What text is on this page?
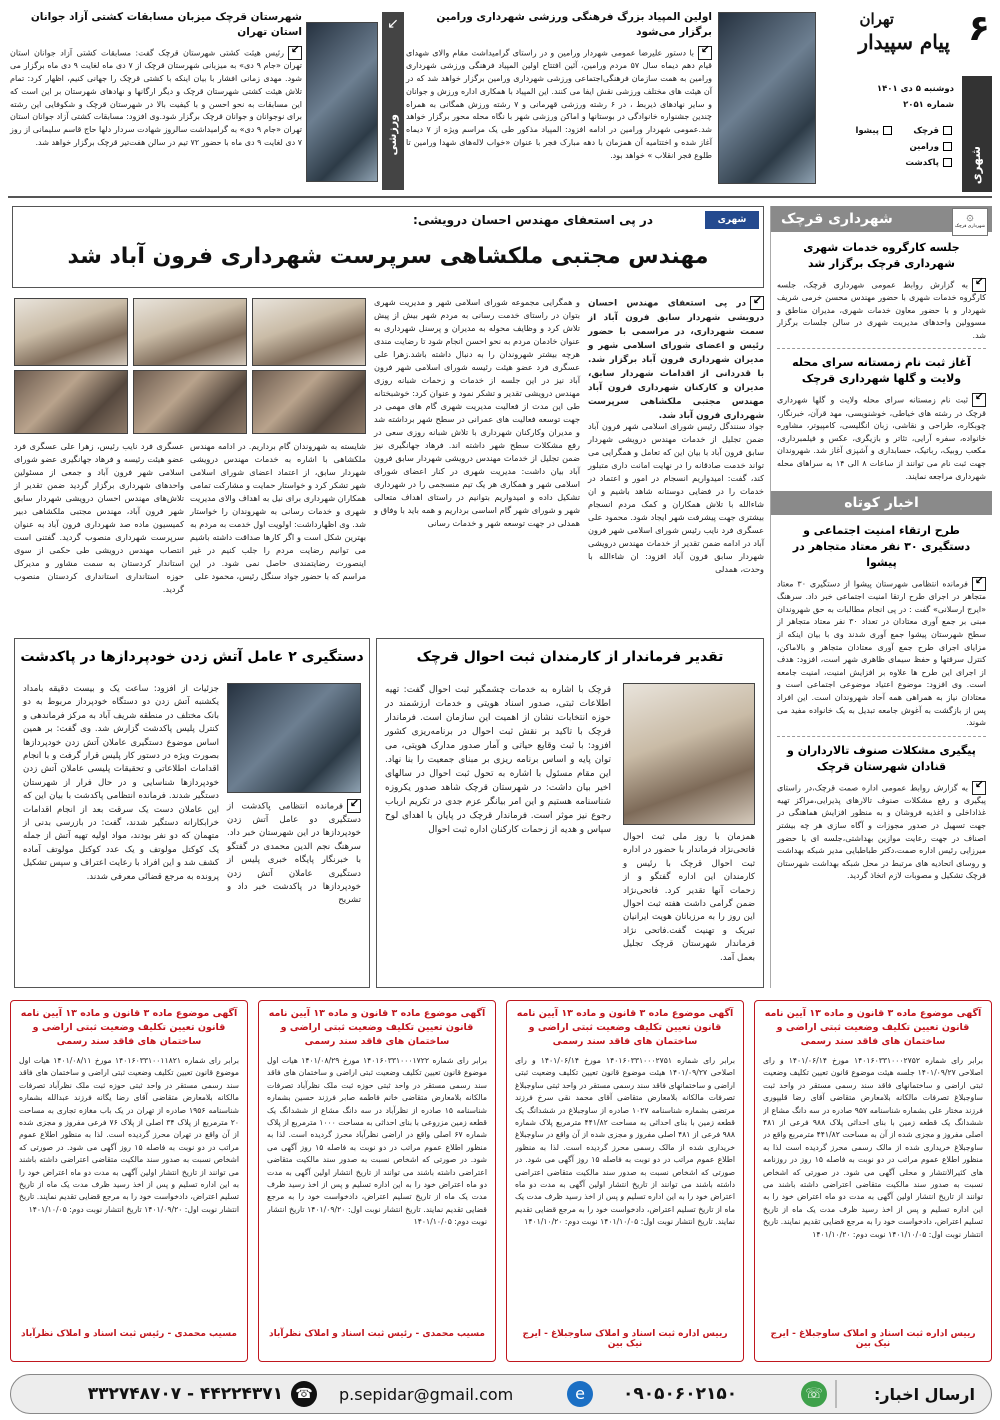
۶
تهران
پیام سپیدار
دوشنبه ۵ دی ۱۴۰۱
شماره ۲۰۵۱
شهری
قرچک
پیشوا
ورامین
پاکدشت
اولین المپیاد بزرگ فرهنگی ورزشی شهرداری ورامین برگزار می‌شود
↙با دستور علیرضا عمومی شهردار ورامین و در راستای گرامیداشت مقام والای شهدای قیام دهم دیماه سال ۵۷ مردم ورامین، آئین افتتاح اولین المپیاد فرهنگی ورزشی شهرداری ورامین به همت سازمان فرهنگی‌اجتماعی ورزشی شهرداری ورامین برگزار خواهد شد که در آن هیئت های مختلف ورزشی نقش ایفا می کنند. این المپیاد با همکاری اداره ورزش و جوانان و سایر نهادهای ذیربط ، در ۶ رشته ورزشی قهرمانی و ۷ رشته ورزش همگانی به همراه چندین جشنواره خانوادگی در بوستانها و اماکن ورزشی شهر با نگاه محله محور برگزار خواهد شد.عمومی شهردار ورامین در ادامه افزود: المپیاد مذکور طی یک مراسم ویژه از ۷ دیماه آغاز شده و اختتامیه آن همزمان با دهه مبارک فجر با عنوان «خواب لاله‌های شهدا ورامین تا طلوع فجر انقلاب » خواهد بود.
↙
ورزشی
شهرستان قرچک میزبان مسابقات کشتی آزاد جوانان استان تهران
↙رئیس هیئت کشتی شهرستان قرچک گفت: مسابقات کشتی آزاد جوانان استان تهران «جام ۹ دی» به میزبانی شهرستان قرچک از ۷ دی ماه لغایت ۹ دی ماه برگزار می شود. مهدی زمانی افشار با بیان اینکه با کشتی قرچک را جهانی کنیم، اظهار کرد: تمام تلاش هیئت کشتی شهرستان قرچک و دیگر ارگانها و نهادهای شهرستان بر این است که این مسابقات به نحو احسن و با کیفیت بالا در شهرستان قرچک و شکوفایی این رشته برای نوجوانان و جوانان قرچک برگزار شود.وی افزود: مسابقات کشتی آزاد جوانان استان تهران «جام ۹ دی» به گرامیداشت سالروز شهادت سردار دلها حاج قاسم سلیمانی از روز ۷ دی لغایت ۹ دی ماه با حضور ۷۲ تیم در سالن هفت‌تیر قرچک برگزار خواهد شد.
۞
شهرداری قرچک
شهرداری قرچک
جلسه کارگروه خدمات شهری شهرداری قرچک برگزار شد
↙به گزارش روابط عمومی شهرداری قرچک، جلسه کارگروه خدمات شهری با حضور مهندس محسن خرمی شریف شهردار و با حضور معاون خدمات شهری، مدیران مناطق و مسوولین واحدهای مدیریت شهری در سالن جلسات برگزار شد.
آغاز ثبت نام زمستانه سرای محله ولایت و گلها شهرداری قرچک
↙ثبت نام زمستانه سرای محله ولایت و گلها شهرداری قرچک در رشته های خیاطی، خوشنویسی، مهد قرآن، خبرنگار، چوبکاره، طراحی و نقاشی، زبان انگلیسی، کامپیوتر، مشاوره خانواده، سفره آرایی، تئاتر و بازیگری، عکس و فیلمبرداری، مکعب روبیک، رباتیک، حسابداری و آشپزی آغاز شد. شهروندان جهت ثبت نام می توانند از ساعات ۸ الی ۱۴ به سراهای محله شهرداری مراجعه نمایند.
اخبار کوتاه
طرح ارتقاء امنیت اجتماعی و دستگیری ۳۰ نفر معتاد متجاهر در پیشوا
↙فرمانده انتظامی شهرستان پیشوا از دستگیری ۳۰ معتاد متجاهر در اجرای طرح ارتقا امنیت اجتماعی خبر داد. سرهنگ «ایرج ارسلانی» گفت : در پی انجام مطالبات به حق شهروندان مبنی بر جمع آوری معتادان در تعداد ۳۰ نفر معتاد متجاهر از سطح شهرستان پیشوا جمع آوری شدند وی با بیان اینکه از مزایای اجرای طرح جمع آوری معتادان متجاهر و بالاماکن، کنترل سرقتها و حفظ سیمای ظاهری شهر است، افزود: هدف از اجرای این طرح ها علاوه بر افزایش امنیت، امنیت جامعه است. وی افزود: موضوع اعتیاد موضوعی اجتماعی است و معتادان نیاز به همراهی همه آحاد شهروندان است. این افراد پس از بازگشت به آغوش جامعه تبدیل به یک خانواده مفید می شوند.
پیگیری مشکلات صنوف تالارداران و قنادان شهرستان قرچک
↙به گزارش روابط عمومی اداره صمت قرچک،در راستای پیگیری و رفع مشکلات صنوف تالارهای پذیرایی،مراکز تهیه غذاداخلی و اغذیه فروشان و به منظور افزایش هماهنگی در جهت تسهیل در صدور مجوزات و آگاه سازی هر چه بیشتر اصناف در جهت رعایت موازین بهداشتی،جلسه ای با حضور میرزایی رئیس اداره صمت،دکتر طباطبایی مدیر شبکه بهداشت و روسای اتحادیه های مرتبط در محل شبکه بهداشت شهرستان قرچک تشکیل و مصوبات لازم اتخاذ گردید.
شهری
در پی استعفای مهندس احسان درویشی:
مهندس مجتبی ملکشاهی سرپرست شهرداری فرون آباد شد
↙در پی استعفای مهندس احسان درویشی شهردار سابق فرون آباد از سمت شهرداری، در مراسمی با حضور رئیس و اعضای شورای اسلامی شهر و مدیران شهرداری فرون آباد برگزار شد. با قدردانی از اقدامات شهردار سابق، مدیران و کارکنان شهرداری فرون آباد مهندس مجتبی ملکشاهی سرپرست شهرداری فرون آباد شد.
جواد سنندگل رئیس شورای اسلامی شهر فرون آباد ضمن تجلیل از خدمات مهندس درویشی شهردار سابق فرون آباد با بیان این که تعامل و همگرایی می تواند خدمت صادقانه را در نهایت امانت داری متبلور کند، گفت: امیدواریم انسجام در امور و اعتماد در خدمات را در فضایی دوستانه شاهد باشیم و ان شاءالله با تلاش همکاران و کمک مردم انسجام بیشتری جهت پیشرفت شهر ایجاد شود. محمود علی عسگری فرد نایب رئیس شورای اسلامی شهر فرون آباد در ادامه ضمن تقدیر از خدمات مهندس درویشی شهردار سابق فرون آباد افزود: ان شاءالله با وحدت، همدلی
و همگرایی مجموعه شورای اسلامی شهر و مدیریت شهری بتوان در راستای خدمت رسانی به مردم شهر بیش از پیش تلاش کرد و وظایف محوله به مدیران و پرسنل شهرداری به عنوان خادمان مردم به نحو احسن انجام شود تا رضایت مندی هرچه بیشتر شهروندان را به دنبال داشته باشد.زهرا علی عسگری فرد عضو هیئت رئیسه شورای اسلامی شهر فرون آباد نیز در این جلسه از خدمات و زحمات شبانه روزی مهندس درویشی تقدیر و تشکر نمود و عنوان کرد: خوشبختانه طی این مدت از فعالیت مدیریت شهری گام های مهمی در جهت توسعه فعالیت های عمرانی در سطح شهر برداشته شد و مدیران وکارکنان شهرداری با تلاش شبانه روزی سعی در رفع مشکلات سطح شهر داشته اند. فرهاد جهانگیری نیز ضمن تجلیل از خدمات مهندس درویشی شهردار سابق فرون آباد بیان داشت: مدیریت شهری در کنار اعضای شورای اسلامی شهر و همکاری هر یک تیم منسجمی را در شهرداری تشکیل داده و امیدواریم بتوانیم در راستای اهداف متعالی شهر و شورای شهر گام اساسی برداریم و همه باید با وفاق و همدلی در جهت توسعه شهر و خدمات رسانی
شایسته به شهروندان گام برداریم. در ادامه مهندس ملکشاهی با اشاره به خدمات مهندس درویشی شهردار سابق، از اعتماد اعضای شورای اسلامی شهر تشکر کرد و خواستار حمایت و مشارکت تمامی همکاران شهرداری برای نیل به اهداف والای مدیریت شهری و خدمات رسانی به شهروندان را خواستار شد. وی اظهارداشت: اولویت اول خدمت به مردم به بهترین شکل است و اگر کارها صداقت داشته باشیم می توانیم رضایت مردم را جلب کنیم در غیر اینصورت رضایتمندی حاصل نمی شود. در این مراسم که با حضور جواد سنگل رئیس، محمود علی
عسگری فرد نایب رئیس، زهرا علی عسگری فرد عضو هیئت رئیسه و فرهاد جهانگیری عضو شورای اسلامی شهر فرون آباد و جمعی از مسئولین واحدهای شهرداری برگزار گردید ضمن تقدیر از تلاش‌های مهندس احسان درویشی شهردار سابق شهر فرون آباد، مهندس مجتبی ملکشاهی دبیر کمیسیون ماده صد شهرداری فرون آباد به عنوان سرپرست شهرداری منصوب گردید. گفتنی است انتصاب مهندس درویشی طی حکمی از سوی استاندار کردستان به سمت مشاور و مدیرکل حوزه استانداری استانداری کردستان منصوب گردید.
تقدیر فرماندار از کارمندان ثبت احوال قرچک
همزمان با روز ملی ثبت احوال فاتحی‌نژاد فرماندار با حضور در اداره ثبت احوال قرچک با رئیس و کارمندان این اداره گفتگو و از زحمات آنها تقدیر کرد. فاتحی‌نژاد ضمن گرامی داشت هفته ثبت احوال این روز را به مرزبانان هویت ایرانیان تبریک و تهنیت گفت.فاتحی نژاد فرماندار شهرستان قرچک تجلیل بعمل آمد.
قرچک با اشاره به خدمات چشمگیر ثبت احوال گفت: تهیه اطلاعات ثبتی، صدور اسناد هویتی و خدمات ارزشمند در حوزه انتخابات نشان از اهمیت این سازمان است. فرماندار قرچک با تاکید بر نقش ثبت احوال در برنامه‌ریزی کشور افزود: با ثبت وقایع حیاتی و آمار صدور مدارک هویتی، می توان پایه و اساس برنامه ریزی بر مبنای جمعیت را بنا نهاد. این مقام مسئول با اشاره به تحول ثبت احوال در سالهای اخیر بیان داشت: در شهرستان قرچک شاهد صدور یکروزه شناسنامه هستیم و این امر بیانگر عزم جدی در تکریم ارباب رجوع نیز موثر است. فرماندار قرچک در پایان با اهدای لوح سپاس و هدیه از زحمات کارکنان اداره ثبت احوال
دستگیری ۲ عامل آتش زدن خودپردازها در پاکدشت
↙فرمانده انتظامی پاکدشت از دستگیری دو عامل آتش زدن خودپردازها در این شهرستان خبر داد. سرهنگ نجم الدین محمدی در گفتگو با خبرنگار پایگاه خبری پلیس از دستگیری عاملان آتش زدن خودپردازها در پاکدشت خبر داد و تشریح
جزئیات از افزود: ساعت یک و بیست دقیقه بامداد یکشنبه آتش زدن دو دستگاه خودپرداز مربوط به دو بانک مختلف در منطقه شریف آباد به مرکز فرماندهی و کنترل پلیس پاکدشت گزارش شد. وی گفت: بر همین اساس موضوع دستگیری عاملان آتش زدن خودپردازها بصورت ویژه در دستور کار پلیس قرار گرفت و با انجام اقدامات اطلاعاتی و تحقیقات پلیسی عاملان آتش زدن خودپردازها شناسایی و در حال فرار از شهرستان دستگیر شدند. فرمانده انتظامی پاکدشت با بیان این که این عاملان دست یک سرقت بعد از انجام اقدامات خرابکارانه دستگیر شدند، گفت: در بازرسی بدنی از متهمان که دو نفر بودند، مواد اولیه تهیه آتش از جمله یک کوکتل مولوتف و یک عدد کوکتل مولوتف آماده کشف شد و این افراد با رعایت اعتراف و سپس تشکیل پرونده به مرجع قضائی معرفی شدند.
آگهی موضوع ماده ۳ قانون و ماده ۱۳ آیین نامه قانون تعیین تکلیف وضعیت ثبتی اراضی و ساختمان های فاقد سند رسمی
برابر رای شماره ۱۴۰۱۶۰۳۳۱۰۰۰۲۷۵۲ مورخ ۱۴۰۱/۰۶/۱۴ و رای اصلاحی ۱۴۰۱/۰۹/۲۷ جلسه هیئت موضوع قانون تعیین تکلیف وضعیت ثبتی اراضی و ساختمانهای فاقد سند رسمی مستقر در واحد ثبت ساوجبلاغ تصرفات مالکانه بلامعارض متقاضی آقای رضا قلیپوری فرزند مختار علی بشماره شناسنامه ۹۵۷ صادره در سه دانگ مشاع از ششدانگ یک قطعه زمین با بنای احداثی پلاک ۹۸۸ فرعی از ۴۸۱ اصلی مفروز و مجزی شده از آن به مساحت ۴۴۱/۸۲ مترمربع واقع در ساوجبلاغ خریداری شده از مالک رسمی محرز گردیده است لذا به منظور اطلاع عموم مراتب در دو نوبت به فاصله ۱۵ روز در روزنامه های کثیرالانتشار و محلی آگهی می شود. در صورتی که اشخاص نسبت به صدور سند مالکیت متقاضی اعتراضی داشته باشند می توانند از تاریخ انتشار اولین آگهی به مدت دو ماه اعتراض خود را به این اداره تسلیم و پس از اخذ رسید ظرف مدت یک ماه از تاریخ تسلیم اعتراض، دادخواست خود را به مرجع قضایی تقدیم نمایند. تاریخ انتشار نوبت اول: ۱۴۰۱/۱۰/۰۵ نوبت دوم: ۱۴۰۱/۱۰/۲۰
رییس اداره ثبت اسناد و املاک ساوجبلاغ - ایرج نیک بین
آگهی موضوع ماده ۳ قانون و ماده ۱۳ آیین نامه قانون تعیین تکلیف وضعیت ثبتی اراضی و ساختمان های فاقد سند رسمی
برابر رای شماره ۱۴۰۱۶۰۳۳۱۰۰۰۲۷۵۱ مورخ ۱۴۰۱/۰۶/۱۴ و رای اصلاحی ۱۴۰۱/۰۹/۲۷ هیئت موضوع قانون تعیین تکلیف وضعیت ثبتی اراضی و ساختمانهای فاقد سند رسمی مستقر در واحد ثبتی ساوجبلاغ تصرفات مالکانه بلامعارض متقاضی آقای محمد نقی سرخ فرزند مرتضی بشماره شناسنامه ۱۰۲۷ صادره از ساوجبلاغ در ششدانگ یک قطعه زمین با بنای احداثی به مساحت ۴۴۱/۸۲ مترمربع پلاک شماره ۹۸۸ فرعی از ۴۸۱ اصلی مفروز و مجزی شده از آن واقع در ساوجبلاغ خریداری شده از مالک رسمی محرز گردیده است. لذا به منظور اطلاع عموم مراتب در دو نوبت به فاصله ۱۵ روز آگهی می شود. در صورتی که اشخاص نسبت به صدور سند مالکیت متقاضی اعتراضی داشته باشند می توانند از تاریخ انتشار اولین آگهی به مدت دو ماه اعتراض خود را به این اداره تسلیم و پس از اخذ رسید ظرف مدت یک ماه از تاریخ تسلیم اعتراض، دادخواست خود را به مرجع قضایی تقدیم نمایند. تاریخ انتشار نوبت اول: ۱۴۰۱/۱۰/۰۵ نوبت دوم: ۱۴۰۱/۱۰/۲۰
رییس اداره ثبت اسناد و املاک ساوجبلاغ - ایرج نیک بین
آگهی موضوع ماده ۳ قانون و ماده ۱۳ آیین نامه قانون تعیین تکلیف وضعیت ثبتی اراضی و ساختمان های فاقد سند رسمی
برابر رای شماره ۱۴۰۱۶۰۳۳۱۰۰۰۱۷۲۲ مورخ ۱۴۰۱/۰۸/۲۹ هیات اول موضوع قانون تعیین تکلیف وضعیت ثبتی اراضی و ساختمان های فاقد سند رسمی مستقر در واحد ثبتی حوزه ثبت ملک نظرآباد تصرفات مالکانه بلامعارض متقاضی خانم فاطمه صابر فرزند حسین بشماره شناسنامه ۱۵ صادره از نظرآباد در سه دانگ مشاع از ششدانگ یک قطعه زمین مزروعی با بنای احداثی به مساحت ۱۰۰۰ مترمربع از پلاک شماره ۶۷ اصلی واقع در اراضی نظرآباد محرز گردیده است. لذا به منظور اطلاع عموم مراتب در دو نوبت به فاصله ۱۵ روز آگهی می شود. در صورتی که اشخاص نسبت به صدور سند مالکیت متقاضی اعتراضی داشته باشند می توانند از تاریخ انتشار اولین آگهی به مدت دو ماه اعتراض خود را به این اداره تسلیم و پس از اخذ رسید ظرف مدت یک ماه از تاریخ تسلیم اعتراض، دادخواست خود را به مرجع قضایی تقدیم نمایند. تاریخ انتشار نوبت اول: ۱۴۰۱/۰۹/۲۰ تاریخ انتشار نوبت دوم: ۱۴۰۱/۱۰/۰۵
مسیب محمدی - رئیس ثبت اسناد و املاک نظرآباد
آگهی موضوع ماده ۳ قانون و ماده ۱۳ آیین نامه قانون تعیین تکلیف وضعیت ثبتی اراضی و ساختمان های فاقد سند رسمی
برابر رای شماره ۱۴۰۱۶۰۳۳۱۰۰۱۱۸۲۱ مورخ ۱۴۰۱/۰۸/۱۱ هیات اول موضوع قانون تعیین تکلیف وضعیت ثبتی اراضی و ساختمان های فاقد سند رسمی مستقر در واحد ثبتی حوزه ثبت ملک نظرآباد تصرفات مالکانه بلامعارض متقاضی آقای رضا یگانه فرزند عبدالله بشماره شناسنامه ۱۹۵۶ صادره از تهران در یک باب مغازه تجاری به مساحت ۲۰ مترمربع از پلاک ۳۴ اصلی از پلاک ۷۶ فرعی مفروز و مجزی شده از آن واقع در تهران محرز گردیده است. لذا به منظور اطلاع عموم مراتب در دو نوبت به فاصله ۱۵ روز آگهی می شود. در صورتی که اشخاص نسبت به صدور سند مالکیت متقاضی اعتراضی داشته باشند می توانند از تاریخ انتشار اولین آگهی به مدت دو ماه اعتراض خود را به این اداره تسلیم و پس از اخذ رسید ظرف مدت یک ماه از تاریخ تسلیم اعتراض، دادخواست خود را به مرجع قضایی تقدیم نمایند. تاریخ انتشار نوبت اول: ۱۴۰۱/۰۹/۲۰ تاریخ انتشار نوبت دوم: ۱۴۰۱/۱۰/۰۵
مسیب محمدی - رئیس ثبت اسناد و املاک نظرآباد
ارسال اخبار:
☏
۰۹۰۵۰۶۰۲۱۵۰
e
p.sepidar@gmail.com
☎
۳۳۲۷۴۸۷۰۷ - ۴۴۲۲۴۳۷۱
